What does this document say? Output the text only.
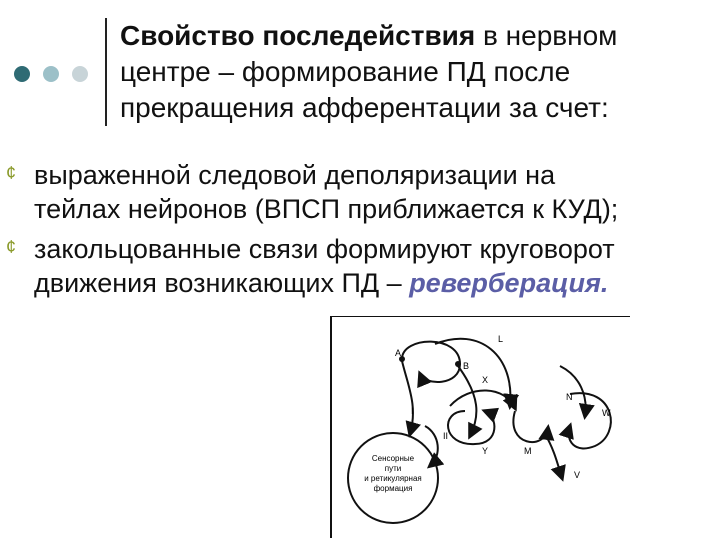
Свойство последействия в нервном
центре – формирование ПД после
прекращения афферентации за счет:
¢ выраженной следовой деполяризации на
тейлах нейронов (ВПСП приближается к КУД);
¢ закольцованные связи формируют круговорот
движения возникающих ПД – реверберация.
Сенсорные
пути
и ретикулярная
формация
A
B
L
X
N
W
I
II
Y	M
V
